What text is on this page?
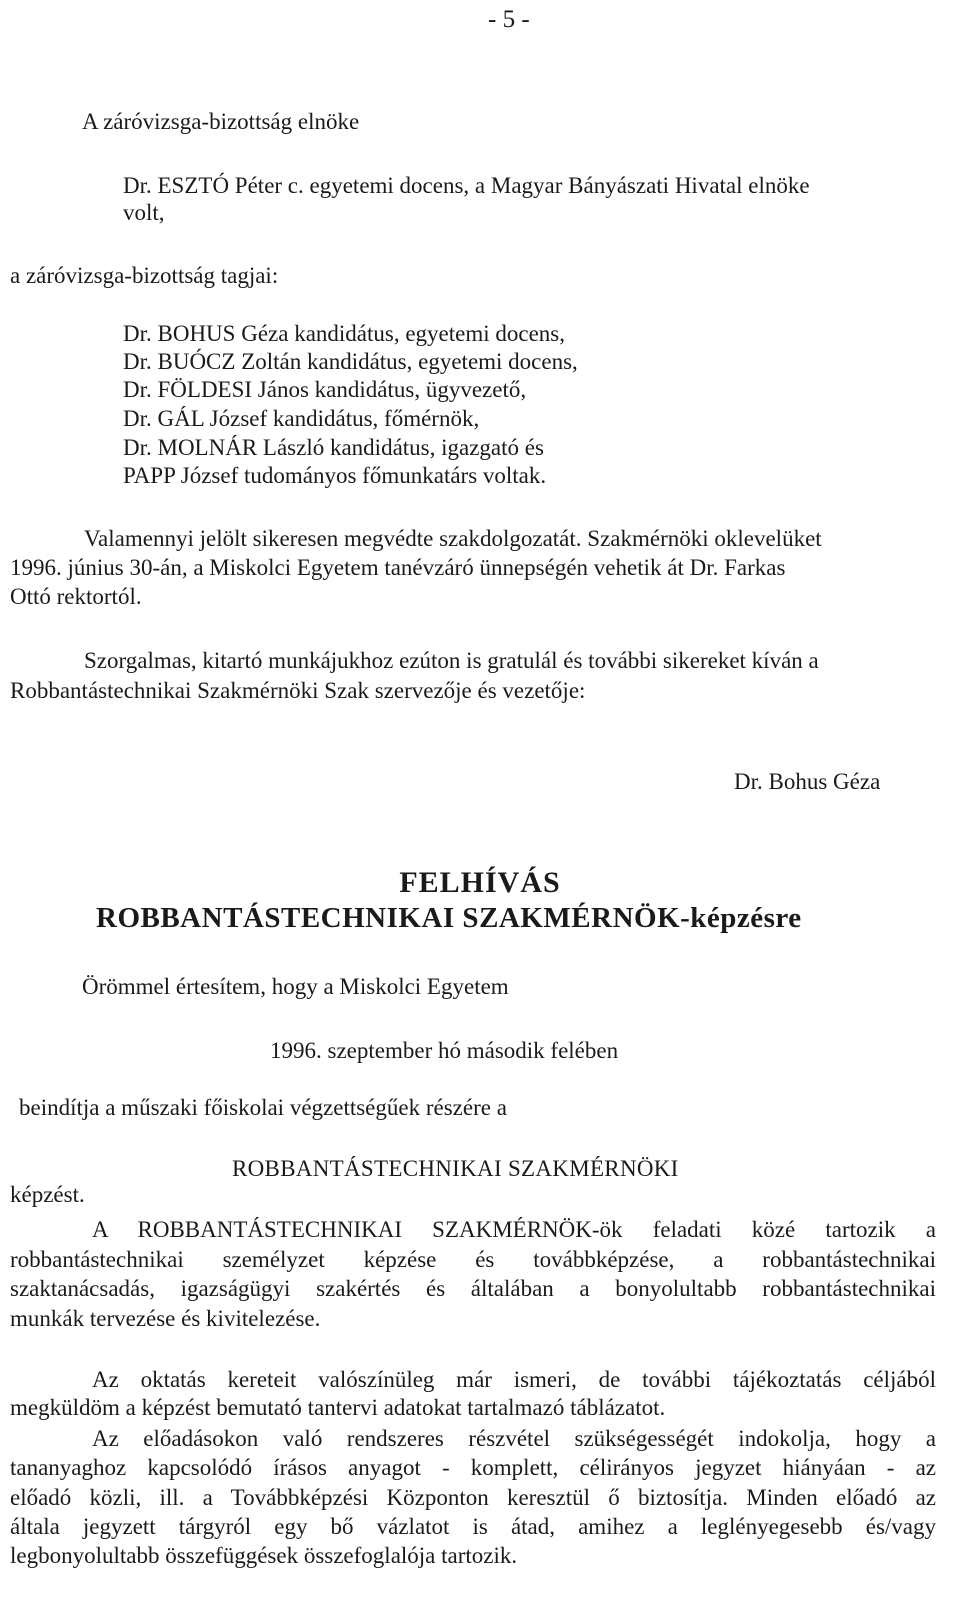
- 5 -
A záróvizsga-bizottság elnöke
Dr. ESZTÓ Péter c. egyetemi docens, a Magyar Bányászati Hivatal elnöke
volt,
a záróvizsga-bizottság tagjai:
Dr. BOHUS Géza kandidátus, egyetemi docens,
Dr. BUÓCZ Zoltán kandidátus, egyetemi docens,
Dr. FÖLDESI János kandidátus, ügyvezető,
Dr. GÁL József kandidátus, főmérnök,
Dr. MOLNÁR László kandidátus, igazgató és
PAPP József tudományos főmunkatárs voltak.
Valamennyi jelölt sikeresen megvédte szakdolgozatát. Szakmérnöki oklevelüket
1996. június 30-án, a Miskolci Egyetem tanévzáró ünnepségén vehetik át Dr. Farkas
Ottó rektortól.
Szorgalmas, kitartó munkájukhoz ezúton is gratulál és további sikereket kíván a
Robbantástechnikai Szakmérnöki Szak szervezője és vezetője:
Dr. Bohus Géza
FELHÍVÁS
ROBBANTÁSTECHNIKAI SZAKMÉRNÖK-képzésre
Örömmel értesítem, hogy a Miskolci Egyetem
1996. szeptember hó második felében
beindítja a műszaki főiskolai végzettségűek részére a
ROBBANTÁSTECHNIKAI SZAKMÉRNÖKI
képzést.
A ROBBANTÁSTECHNIKAI SZAKMÉRNÖK-ök feladati közé tartozik a
robbantástechnikai személyzet képzése és továbbképzése, a robbantástechnikai
szaktanácsadás, igazságügyi szakértés és általában a bonyolultabb robbantástechnikai
munkák tervezése és kivitelezése.
Az oktatás kereteit valószínüleg már ismeri, de további tájékoztatás céljából
megküldöm a képzést bemutató tantervi adatokat tartalmazó táblázatot.
Az előadásokon való rendszeres részvétel szükségességét indokolja, hogy a
tananyaghoz kapcsolódó írásos anyagot - komplett, célirányos jegyzet hiányáan - az
előadó közli, ill. a Továbbképzési Központon keresztül ő biztosítja. Minden előadó az
általa jegyzett tárgyról egy bő vázlatot is átad, amihez a leglényegesebb és/vagy
legbonyolultabb összefüggések összefoglalója tartozik.
